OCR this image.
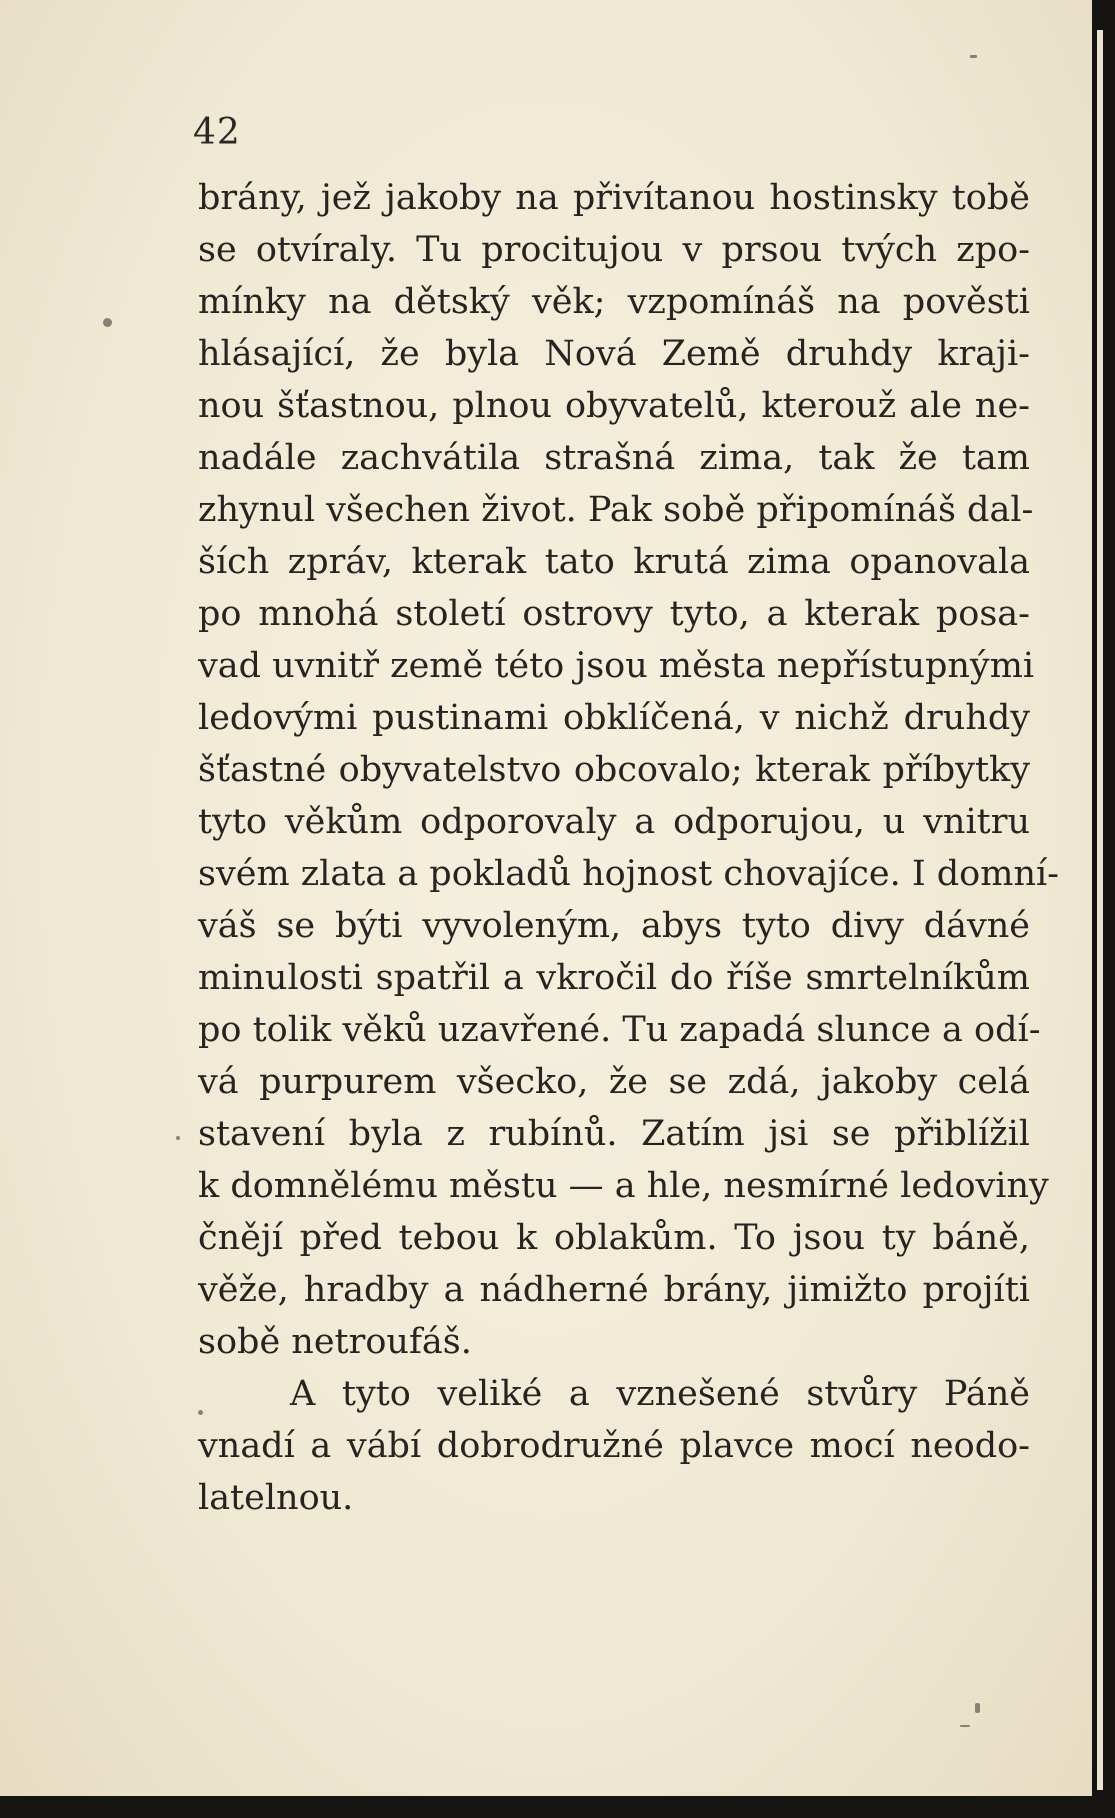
42
brány, jež jakoby na přivítanou hostinsky tobě
se otvíraly. Tu procitujou v prsou tvých zpo-
mínky na dětský věk; vzpomínáš na pověsti
hlásající, že byla Nová Země druhdy kraji-
nou šťastnou, plnou obyvatelů, kterouž ale ne-
nadále zachvátila strašná zima, tak že tam
zhynul všechen život. Pak sobě připomínáš dal-
ších zpráv, kterak tato krutá zima opanovala
po mnohá století ostrovy tyto, a kterak posa-
vad uvnitř země této jsou města nepřístupnými
ledovými pustinami obklíčená, v nichž druhdy
šťastné obyvatelstvo obcovalo; kterak příbytky
tyto věkům odporovaly a odporujou, u vnitru
svém zlata a pokladů hojnost chovajíce. I domní-
váš se býti vyvoleným, abys tyto divy dávné
minulosti spatřil a vkročil do říše smrtelníkům
po tolik věků uzavřené. Tu zapadá slunce a odí-
vá purpurem všecko, že se zdá, jakoby celá
stavení byla z rubínů. Zatím jsi se přiblížil
k domnělému městu — a hle, nesmírné ledoviny
čnějí před tebou k oblakům. To jsou ty báně,
věže, hradby a nádherné brány, jimižto projíti
sobě netroufáš.
A tyto veliké a vznešené stvůry Páně
vnadí a vábí dobrodružné plavce mocí neodo-
latelnou.
